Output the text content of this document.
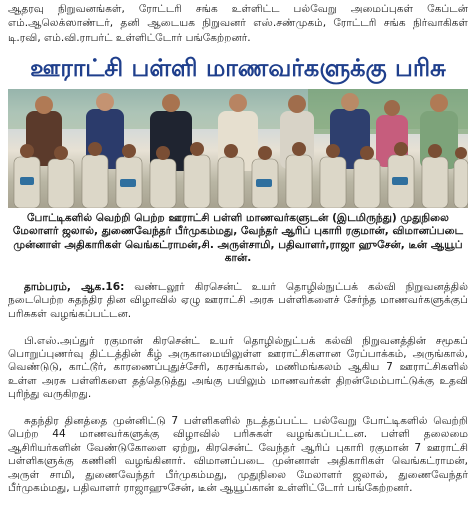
ஆதரவு நிறுவனங்கள், ரோட்டரி சங்க உள்ளிட்ட பல்வேறு அமைப்புகள் கேப்டன் எம்.ஆலெக்ஸாண்டர், தனி ஆடையக நிறுவனர் எஸ்.சண்முகம், ரோட்டரி சங்க நிர்வாகிகள் டி.ரவி, எம்.வி.ராபர்ட் உள்ளிட்டோர் பங்கேற்றனர்.

ஊராட்சி பள்ளி மாணவர்களுக்கு பரிசு
போட்டிகளில் வெற்றி பெற்ற ஊராட்சி பள்ளி மாணவர்களுடன் (இடமிருந்து) முதுநிலை மேலாளர் ஜலால், துணைவேந்தர் பீர்முகம்மது, வேந்தர் ஆரிப் புகாரி ரகுமான், விமானப்படை முன்னாள் அதிகாரிகள் வெங்கட்ராமன்,சி. அருள்சாமி, பதிவாளர்,ராஜா ஹுசேன், டீன் ஆயூப் கான்.

தாம்பரம், ஆக.16: வண்டலூர் கிரசென்ட் உயர் தொழில்நுட்பக் கல்வி நிறுவனத்தில் நடைபெற்ற சுதந்திர தின விழாவில் ஏழு ஊராட்சி அரசு பள்ளிகளைச் சேர்ந்த மாணவர்களுக்குப் பரிசுகள் வழங்கப்பட்டன.

பி.எஸ்.அப்துர் ரகுமான் கிரசென்ட் உயர் தொழில்நுட்பக் கல்வி நிறுவனத்தின் சமூகப் பொறுப்புணர்வு திட்டத்தின் கீழ் அருகாமையிலுள்ள ஊராட்சிகளான ரேப்பாக்கம், அருங்கால், வெண்டுடு, காட்டூர், காரணைப்புதுச்சேரி, கரசங்கால், மணிமங்கலம் ஆகிய 7 ஊராட்சிகளில் உள்ள அரசு பள்ளிகளை தத்தெடுத்து அங்கு பயிலும் மாணவர்கள் திறன்மேம்பாட்டுக்கு உதவி புரிந்து வருகிறது.

சுதந்திர தினத்தை முன்னிட்டு 7 பள்ளிகளில் நடத்தப்பட்ட பல்வேறு போட்டிகளில் வெற்றி பெற்ற 44 மாணவர்களுக்கு விழாவில் பரிசுகள் வழங்கப்பட்டன. பள்ளி தலைமை ஆசிரியர்களின் வேண்டுகோளை ஏற்று, கிரசென்ட் வேந்தர் ஆரிப் புகாரி ரகுமான் 7 ஊராட்சி பள்ளிகளுக்கு கணினி வழங்கினார். விமானப்படை முன்னாள் அதிகாரிகள் வெங்கட்ராமன், அருள் சாமி, துணைவேந்தர் பீர்முகம்மது, முதுநிலை மேலாளர் ஜலால், துணைவேந்தர் பீர்முகம்மது, பதிவாளர் ராஜாஹுசேன், டீன் ஆயூப்கான் உள்ளிட்டோர் பங்கேற்றனர்.
